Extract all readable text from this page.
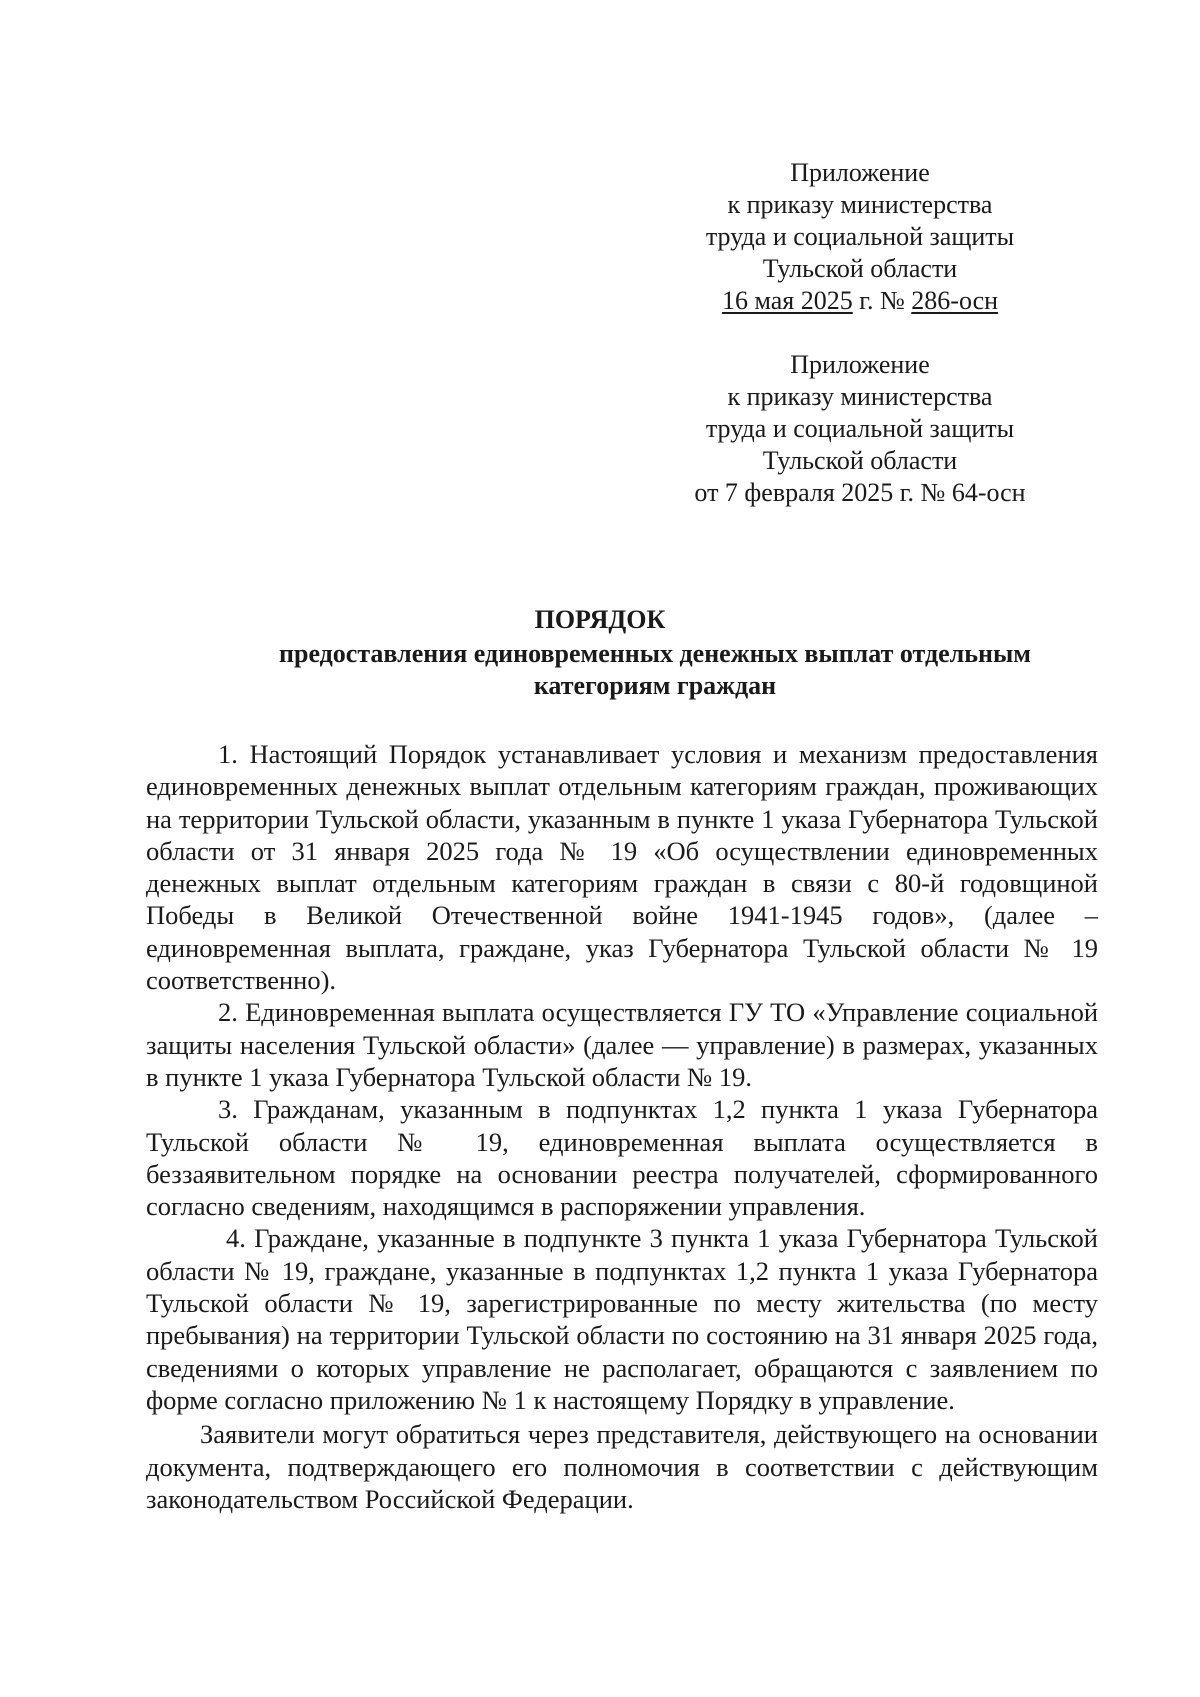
Приложение
к приказу министерства
труда и социальной защиты
Тульской области
16 мая 2025 г. № 286-осн
Приложение
к приказу министерства
труда и социальной защиты
Тульской области
от 7 февраля 2025 г. № 64-осн
ПОРЯДОК
предоставления единовременных денежных выплат отдельным категориям граждан

1. Настоящий Порядок устанавливает условия и механизм предоставления единовременных денежных выплат отдельным категориям граждан, проживающих на территории Тульской области, указанным в пункте 1 указа Губернатора Тульской области от 31 января 2025 года № 19 «Об осуществлении единовременных денежных выплат отдельным категориям граждан в связи с 80-й годовщиной Победы в Великой Отечественной войне 1941-1945 годов», (далее – единовременная выплата, граждане, указ Губернатора Тульской области № 19 соответственно).

2. Единовременная выплата осуществляется ГУ ТО «Управление социальной защиты населения Тульской области» (далее — управление) в размерах, указанных в пункте 1 указа Губернатора Тульской области № 19.

3. Гражданам, указанным в подпунктах 1,2 пункта 1 указа Губернатора Тульской области № 19, единовременная выплата осуществляется в беззаявительном порядке на основании реестра получателей, сформированного согласно сведениям, находящимся в распоряжении управления.

4. Граждане, указанные в подпункте 3 пункта 1 указа Губернатора Тульской области № 19, граждане, указанные в подпунктах 1,2 пункта 1 указа Губернатора Тульской области № 19, зарегистрированные по месту жительства (по месту пребывания) на территории Тульской области по состоянию на 31 января 2025 года, сведениями о которых управление не располагает, обращаются с заявлением по форме согласно приложению № 1 к настоящему Порядку в управление.

Заявители могут обратиться через представителя, действующего на основании документа, подтверждающего его полномочия в соответствии с действующим законодательством Российской Федерации.
